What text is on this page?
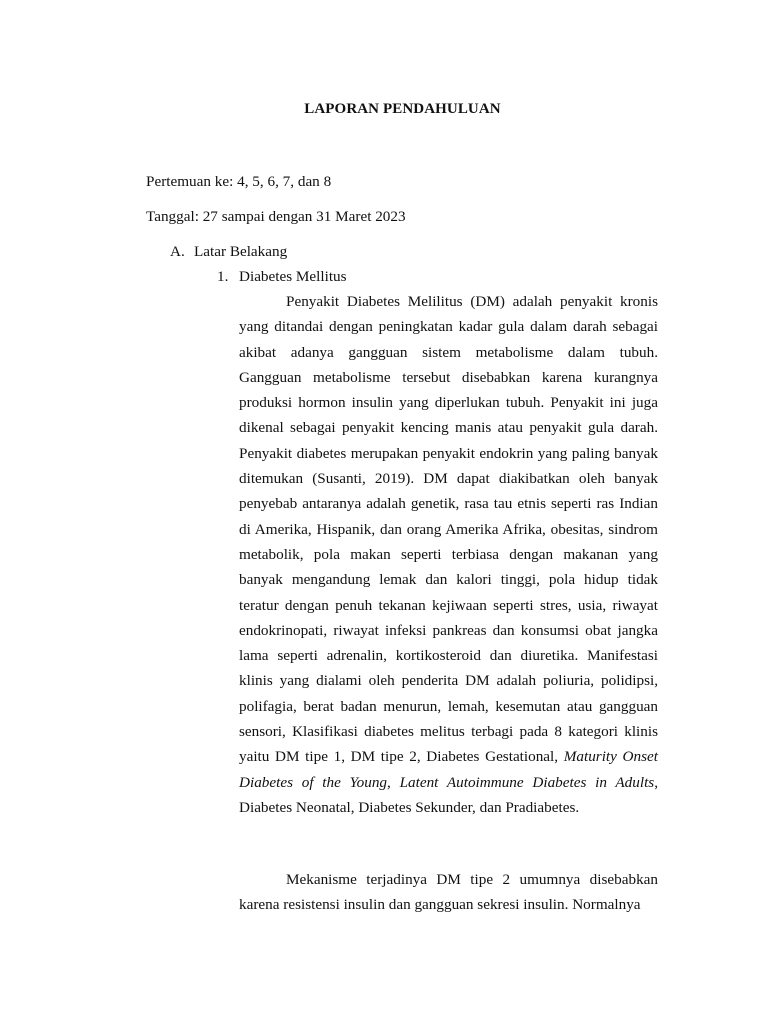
LAPORAN PENDAHULUAN
Pertemuan ke: 4, 5, 6, 7, dan 8
Tanggal: 27 sampai dengan 31 Maret 2023
A. Latar Belakang
1. Diabetes Mellitus

Penyakit Diabetes Melilitus (DM) adalah penyakit kronis yang ditandai dengan peningkatan kadar gula dalam darah sebagai akibat adanya gangguan sistem metabolisme dalam tubuh. Gangguan metabolisme tersebut disebabkan karena kurangnya produksi hormon insulin yang diperlukan tubuh. Penyakit ini juga dikenal sebagai penyakit kencing manis atau penyakit gula darah. Penyakit diabetes merupakan penyakit endokrin yang paling banyak ditemukan (Susanti, 2019). DM dapat diakibatkan oleh banyak penyebab antaranya adalah genetik, rasa tau etnis seperti ras Indian di Amerika, Hispanik, dan orang Amerika Afrika, obesitas, sindrom metabolik, pola makan seperti terbiasa dengan makanan yang banyak mengandung lemak dan kalori tinggi, pola hidup tidak teratur dengan penuh tekanan kejiwaan seperti stres, usia, riwayat endokrinopati, riwayat infeksi pankreas dan konsumsi obat jangka lama seperti adrenalin, kortikosteroid dan diuretika. Manifestasi klinis yang dialami oleh penderita DM adalah poliuria, polidipsi, polifagia, berat badan menurun, lemah, kesemutan atau gangguan sensori, Klasifikasi diabetes melitus terbagi pada 8 kategori klinis yaitu DM tipe 1, DM tipe 2, Diabetes Gestational, Maturity Onset Diabetes of the Young, Latent Autoimmune Diabetes in Adults, Diabetes Neonatal, Diabetes Sekunder, dan Pradiabetes.

Mekanisme terjadinya DM tipe 2 umumnya disebabkan karena resistensi insulin dan gangguan sekresi insulin. Normalnya
